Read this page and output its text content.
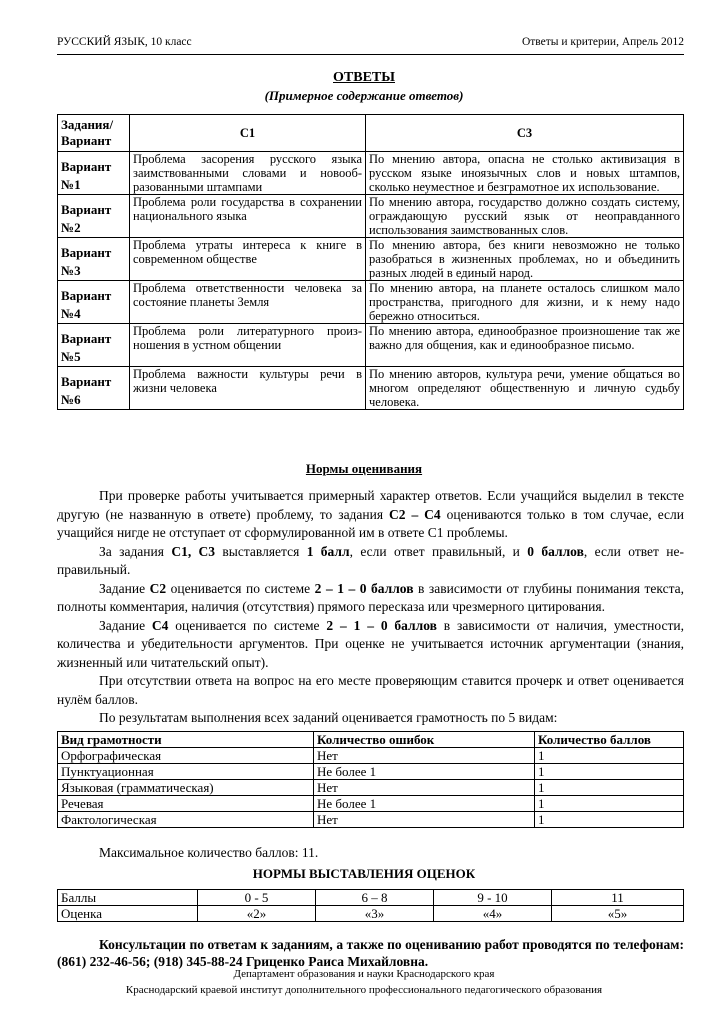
РУССКИЙ ЯЗЫК, 10 класс	Ответы и критерии, Апрель 2012
ОТВЕТЫ
(Примерное содержание ответов)
Задания/ Вариант	С1	С3
Вариант №1	Проблема засорения русского языка заимствованными словами и новообразованными штампами	По мнению автора, опасна не столько активизация в русском языке иноязычных слов и новых штампов, сколько неуместное и безграмотное их использование.
Вариант №2	Проблема роли государства в сохранении национального языка	По мнению автора, государство должно создать систему, ограждающую русский язык от неоправданного использования заимствованных слов.
Вариант №3	Проблема утраты интереса к книге в современном обществе	По мнению автора, без книги невозможно не только разобраться в жизненных проблемах, но и объединить разных людей в единый народ.
Вариант №4	Проблема ответственности человека за состояние планеты Земля	По мнению автора, на планете осталось слишком мало пространства, пригодного для жизни, и к нему надо бережно относиться.
Вариант №5	Проблема роли литературного произношения в устном общении	По мнению автора, единообразное произношение так же важно для общения, как и единообразное письмо.
Вариант №6	Проблема важности культуры речи в жизни человека	По мнению авторов, культура речи, умение общаться во многом определяют общественную и личную судьбу человека.
Нормы оценивания

При проверке работы учитывается примерный характер ответов. Если учащийся выделил в тексте другую (не названную в ответе) проблему, то задания С2 – С4 оцениваются только в том случае, если учащийся нигде не отступает от сформулированной им в ответе С1 проблемы.

За задания С1, С3 выставляется 1 балл, если ответ правильный, и 0 баллов, если ответ неправильный.

Задание С2 оценивается по системе 2 – 1 – 0 баллов в зависимости от глубины понимания текста, полноты комментария, наличия (отсутствия) прямого пересказа или чрезмерного цитирования.

Задание С4 оценивается по системе 2 – 1 – 0 баллов в зависимости от наличия, уместности, количества и убедительности аргументов. При оценке не учитывается источник аргументации (знания, жизненный или читательский опыт).

При отсутствии ответа на вопрос на его месте проверяющим ставится прочерк и ответ оценивается нулём баллов.

По результатам выполнения всех заданий оценивается грамотность по 5 видам:

Вид грамотности	Количество ошибок	Количество баллов
Орфографическая	Нет	1
Пунктуационная	Не более 1	1
Языковая (грамматическая)	Нет	1
Речевая	Не более 1	1
Фактологическая	Нет	1
Максимальное количество баллов: 11.
НОРМЫ ВЫСТАВЛЕНИЯ ОЦЕНОК
Баллы	0 - 5	6 – 8	9 - 10	11
Оценка	«2»	«3»	«4»	«5»
Консультации по ответам к заданиям, а также по оцениванию работ проводятся по телефонам: (861) 232-46-56; (918) 345-88-24 Гриценко Раиса Михайловна.
Департамент образования и науки Краснодарского края
Краснодарский краевой институт дополнительного профессионального педагогического образования
